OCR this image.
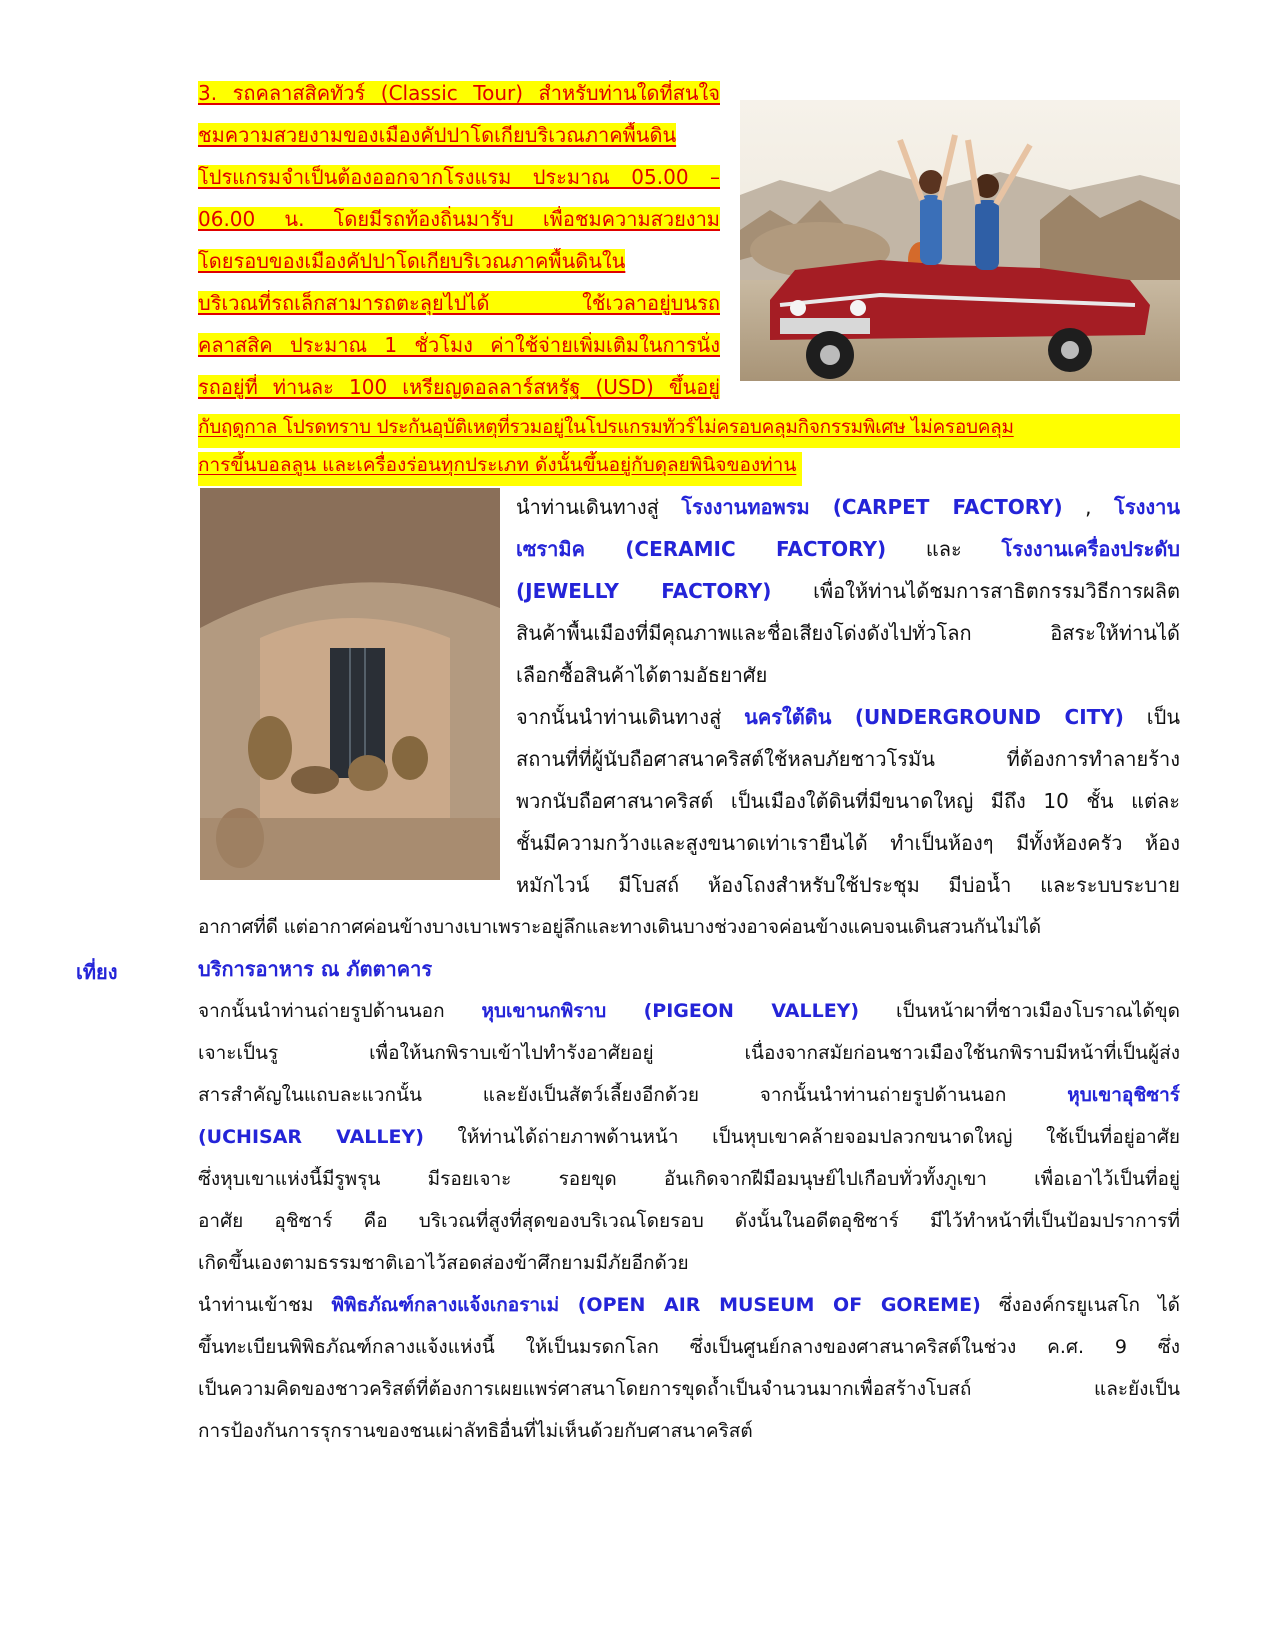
3. รถคลาสสิคทัวร์ (Classic Tour) สำหรับท่านใดที่สนใจ
ชมความสวยงามของเมืองคัปปาโดเกียบริเวณภาคพื้นดิน
โปรแกรมจำเป็นต้องออกจากโรงแรม ประมาณ 05.00 –
06.00 น. โดยมีรถท้องถิ่นมารับ เพื่อชมความสวยงาม
โดยรอบของเมืองคัปปาโดเกียบริเวณภาคพื้นดินใน
บริเวณที่รถเล็กสามารถตะลุยไปได้ ใช้เวลาอยู่บนรถ
คลาสสิค ประมาณ 1 ชั่วโมง ค่าใช้จ่ายเพิ่มเติมในการนั่ง
รถอยู่ที่ ท่านละ 100 เหรียญดอลลาร์สหรัฐ (USD) ขึ้นอยู่
กับฤดูกาล โปรดทราบ ประกันอุบัติเหตุที่รวมอยู่ในโปรแกรมทัวร์ไม่ครอบคลุมกิจกรรมพิเศษ ไม่ครอบคลุม
การขึ้นบอลลูน และเครื่องร่อนทุกประเภท ดังนั้นขึ้นอยู่กับดุลยพินิจของท่าน
นำท่านเดินทางสู่ โรงงานทอพรม (CARPET FACTORY) , โรงงาน
เซรามิค (CERAMIC FACTORY) และ โรงงานเครื่องประดับ
(JEWELLY FACTORY) เพื่อให้ท่านได้ชมการสาธิตกรรมวิธีการผลิต
สินค้าพื้นเมืองที่มีคุณภาพและชื่อเสียงโด่งดังไปทั่วโลก อิสระให้ท่านได้
เลือกซื้อสินค้าได้ตามอัธยาศัย
จากนั้นนำท่านเดินทางสู่ นครใต้ดิน (UNDERGROUND CITY) เป็น
สถานที่ที่ผู้นับถือศาสนาคริสต์ใช้หลบภัยชาวโรมัน ที่ต้องการทำลายร้าง
พวกนับถือศาสนาคริสต์ เป็นเมืองใต้ดินที่มีขนาดใหญ่ มีถึง 10 ชั้น แต่ละ
ชั้นมีความกว้างและสูงขนาดเท่าเรายืนได้ ทำเป็นห้องๆ มีทั้งห้องครัว ห้อง
หมักไวน์ มีโบสถ์ ห้องโถงสำหรับใช้ประชุม มีบ่อน้ำ และระบบระบาย
อากาศที่ดี แต่อากาศค่อนข้างบางเบาเพราะอยู่ลึกและทางเดินบางช่วงอาจค่อนข้างแคบจนเดินสวนกันไม่ได้
เที่ยง	บริการอาหาร ณ ภัตตาคาร
จากนั้นนำท่านถ่ายรูปด้านนอก หุบเขานกพิราบ (PIGEON VALLEY) เป็นหน้าผาที่ชาวเมืองโบราณได้ขุด
เจาะเป็นรู เพื่อให้นกพิราบเข้าไปทำรังอาศัยอยู่ เนื่องจากสมัยก่อนชาวเมืองใช้นกพิราบมีหน้าที่เป็นผู้ส่ง
สารสำคัญในแถบละแวกนั้น และยังเป็นสัตว์เลี้ยงอีกด้วย จากนั้นนำท่านถ่ายรูปด้านนอก หุบเขาอุชิซาร์
(UCHISAR VALLEY) ให้ท่านได้ถ่ายภาพด้านหน้า เป็นหุบเขาคล้ายจอมปลวกขนาดใหญ่ ใช้เป็นที่อยู่อาศัย
ซึ่งหุบเขาแห่งนี้มีรูพรุน มีรอยเจาะ รอยขุด อันเกิดจากฝีมือมนุษย์ไปเกือบทั่วทั้งภูเขา เพื่อเอาไว้เป็นที่อยู่
อาศัย อุชิซาร์ คือ บริเวณที่สูงที่สุดของบริเวณโดยรอบ ดังนั้นในอดีตอุชิซาร์ มีไว้ทำหน้าที่เป็นป้อมปราการที่
เกิดขึ้นเองตามธรรมชาติเอาไว้สอดส่องข้าศึกยามมีภัยอีกด้วย
นำท่านเข้าชม พิพิธภัณฑ์กลางแจ้งเกอราเม่ (OPEN AIR MUSEUM OF GOREME) ซึ่งองค์กรยูเนสโก ได้
ขึ้นทะเบียนพิพิธภัณฑ์กลางแจ้งแห่งนี้ ให้เป็นมรดกโลก ซึ่งเป็นศูนย์กลางของศาสนาคริสต์ในช่วง ค.ศ. 9 ซึ่ง
เป็นความคิดของชาวคริสต์ที่ต้องการเผยแพร่ศาสนาโดยการขุดถ้ำเป็นจำนวนมากเพื่อสร้างโบสถ์ และยังเป็น
การป้องกันการรุกรานของชนเผ่าลัทธิอื่นที่ไม่เห็นด้วยกับศาสนาคริสต์
